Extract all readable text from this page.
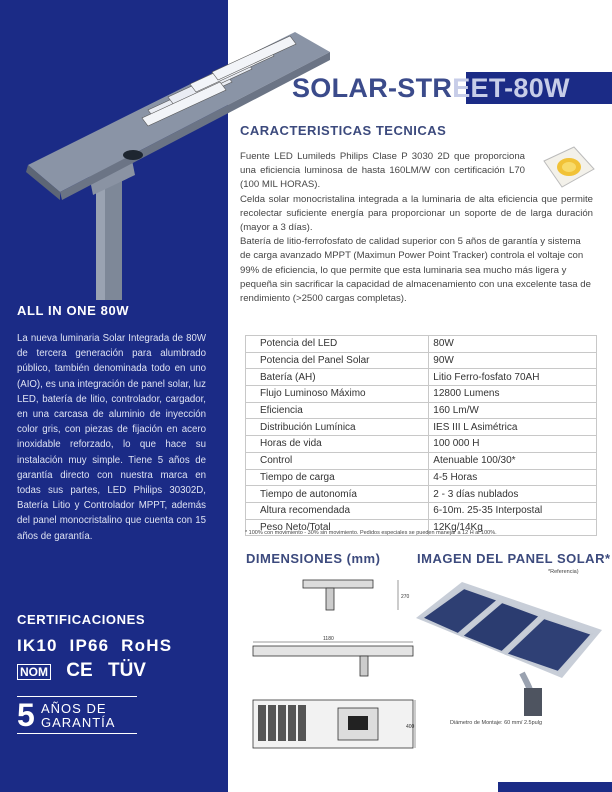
SOLAR-STREET-80W
CARACTERISTICAS TECNICAS

Fuente LED Lumileds Philips Clase P 3030 2D que proporciona una eficiencia luminosa de hasta 160LM/W con certificación L70 (100 MIL HORAS).

Celda solar monocristalina integrada a la luminaria de alta eficiencia que permite recolectar suficiente energía para proporcionar un soporte de de larga duración (mayor a 3 días).

Batería de litio-ferrofosfato de calidad superior con 5 años de garantía y sistema de carga avanzado MPPT (Maximun Power Point Tracker) controla el voltaje con 99% de eficiencia, lo que permite que esta luminaria sea mucho más ligera y pequeña sin sacrificar la capacidad de almacenamiento con una excelente tasa de rendimiento (>2500 cargas completas).

Potencia del LED	80W
Potencia del Panel Solar	90W
Batería (AH)	Litio Ferro-fosfato 70AH
Flujo Luminoso Máximo	12800 Lumens
Eficiencia	160 Lm/W
Distribución Lumínica	IES III L Asimétrica
Horas de vida	100 000 H
Control	Atenuable 100/30*
Tiempo de carga	4-5 Horas
Tiempo de autonomía	2 - 3 días nublados
Altura recomendada	6-10m. 25-35 Interpostal
Peso Neto/Total	12Kg/14Kg
* 100% con movimiento - 30% sin movimiento. Pedidos especiales se pueden manejar a 12 H al 100%.
DIMENSIONES (mm)
270
1180
400
IMAGEN DEL PANEL SOLAR*
*Referencia)
Diámetro de Montaje: 60 mm/ 2.5pulg
ALL IN ONE 80W
La nueva luminaria Solar Integrada de 80W de tercera generación para alumbrado público, también denominada todo en uno (AIO), es una integración de panel solar, luz LED, batería de litio, controlador, cargador, en una carcasa de aluminio de inyección color gris, con piezas de fijación en acero inoxidable reforzado, lo que hace su instalación muy simple. Tiene 5 años de garantía directo con nuestra marca en todas sus partes, LED Philips 30302D, Batería Litio y Controlador MPPT, además del panel monocristalino que cuenta con 15 años de garantía.
CERTIFICACIONES
IK10  IP66  RoHS
NOM CE TÜV
5 AÑOS DE
GARANTÍA
